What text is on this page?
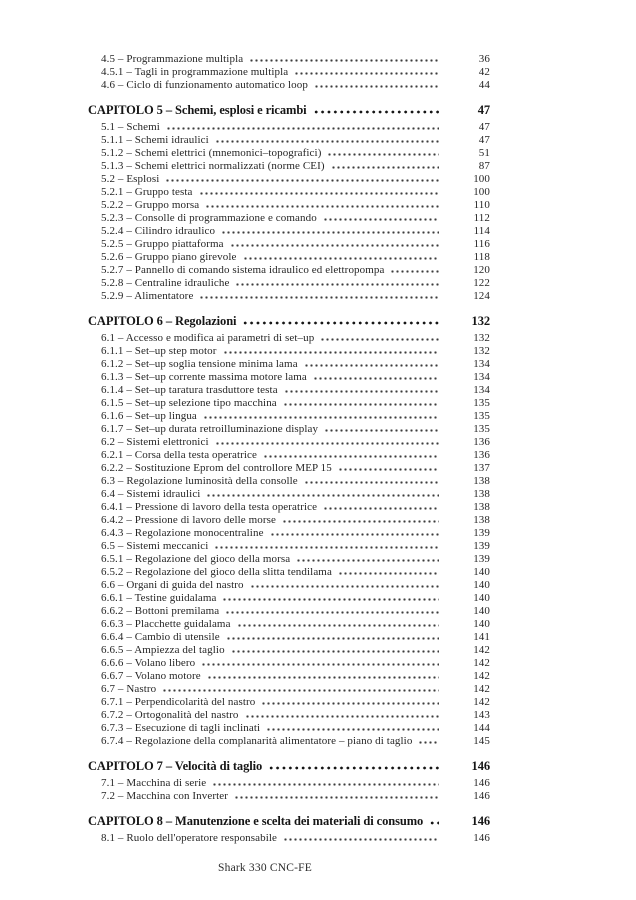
4.5 – Programmazione multipla	36
4.5.1 – Tagli in programmazione multipla	42
4.6 – Ciclo di funzionamento automatico loop	44
CAPITOLO 5 – Schemi, esplosi e ricambi	47
5.1 – Schemi	47
5.1.1 – Schemi idraulici	47
5.1.2 – Schemi elettrici (mnemonici–topografici)	51
5.1.3 – Schemi elettrici normalizzati (norme CEI)	87
5.2 – Esplosi	100
5.2.1 – Gruppo testa	100
5.2.2 – Gruppo morsa	110
5.2.3 – Consolle di programmazione e comando	112
5.2.4 – Cilindro idraulico	114
5.2.5 – Gruppo piattaforma	116
5.2.6 – Gruppo piano girevole	118
5.2.7 – Pannello di comando sistema idraulico ed elettropompa	120
5.2.8 – Centraline idrauliche	122
5.2.9 – Alimentatore	124
CAPITOLO 6 – Regolazioni	132
6.1 – Accesso e modifica ai parametri di set–up	132
6.1.1 – Set–up step motor	132
6.1.2 – Set–up soglia tensione minima lama	134
6.1.3 – Set–up corrente massima motore lama	134
6.1.4 – Set–up taratura trasduttore testa	134
6.1.5 – Set–up selezione tipo macchina	135
6.1.6 – Set–up lingua	135
6.1.7 – Set–up durata retroilluminazione display	135
6.2 – Sistemi elettronici	136
6.2.1 – Corsa della testa operatrice	136
6.2.2 – Sostituzione Eprom del controllore MEP 15	137
6.3 – Regolazione luminosità della consolle	138
6.4 – Sistemi idraulici	138
6.4.1 – Pressione di lavoro della testa operatrice	138
6.4.2 – Pressione di lavoro delle morse	138
6.4.3 – Regolazione monocentraline	139
6.5 – Sistemi meccanici	139
6.5.1 – Regolazione del gioco della morsa	139
6.5.2 – Regolazione del gioco della slitta tendilama	140
6.6 – Organi di guida del nastro	140
6.6.1 – Testine guidalama	140
6.6.2 – Bottoni premilama	140
6.6.3 – Placchette guidalama	140
6.6.4 – Cambio di utensile	141
6.6.5 – Ampiezza del taglio	142
6.6.6 – Volano libero	142
6.6.7 – Volano motore	142
6.7 – Nastro	142
6.7.1 – Perpendicolarità del nastro	142
6.7.2 – Ortogonalità del nastro	143
6.7.3 – Esecuzione di tagli inclinati	144
6.7.4 – Regolazione della complanarità alimentatore – piano di taglio	145
CAPITOLO 7 – Velocità di taglio	146
7.1 – Macchina di serie	146
7.2 – Macchina con Inverter	146
CAPITOLO 8 – Manutenzione e scelta dei materiali di consumo	146
8.1 – Ruolo dell'operatore responsabile	146
Shark 330 CNC-FE
